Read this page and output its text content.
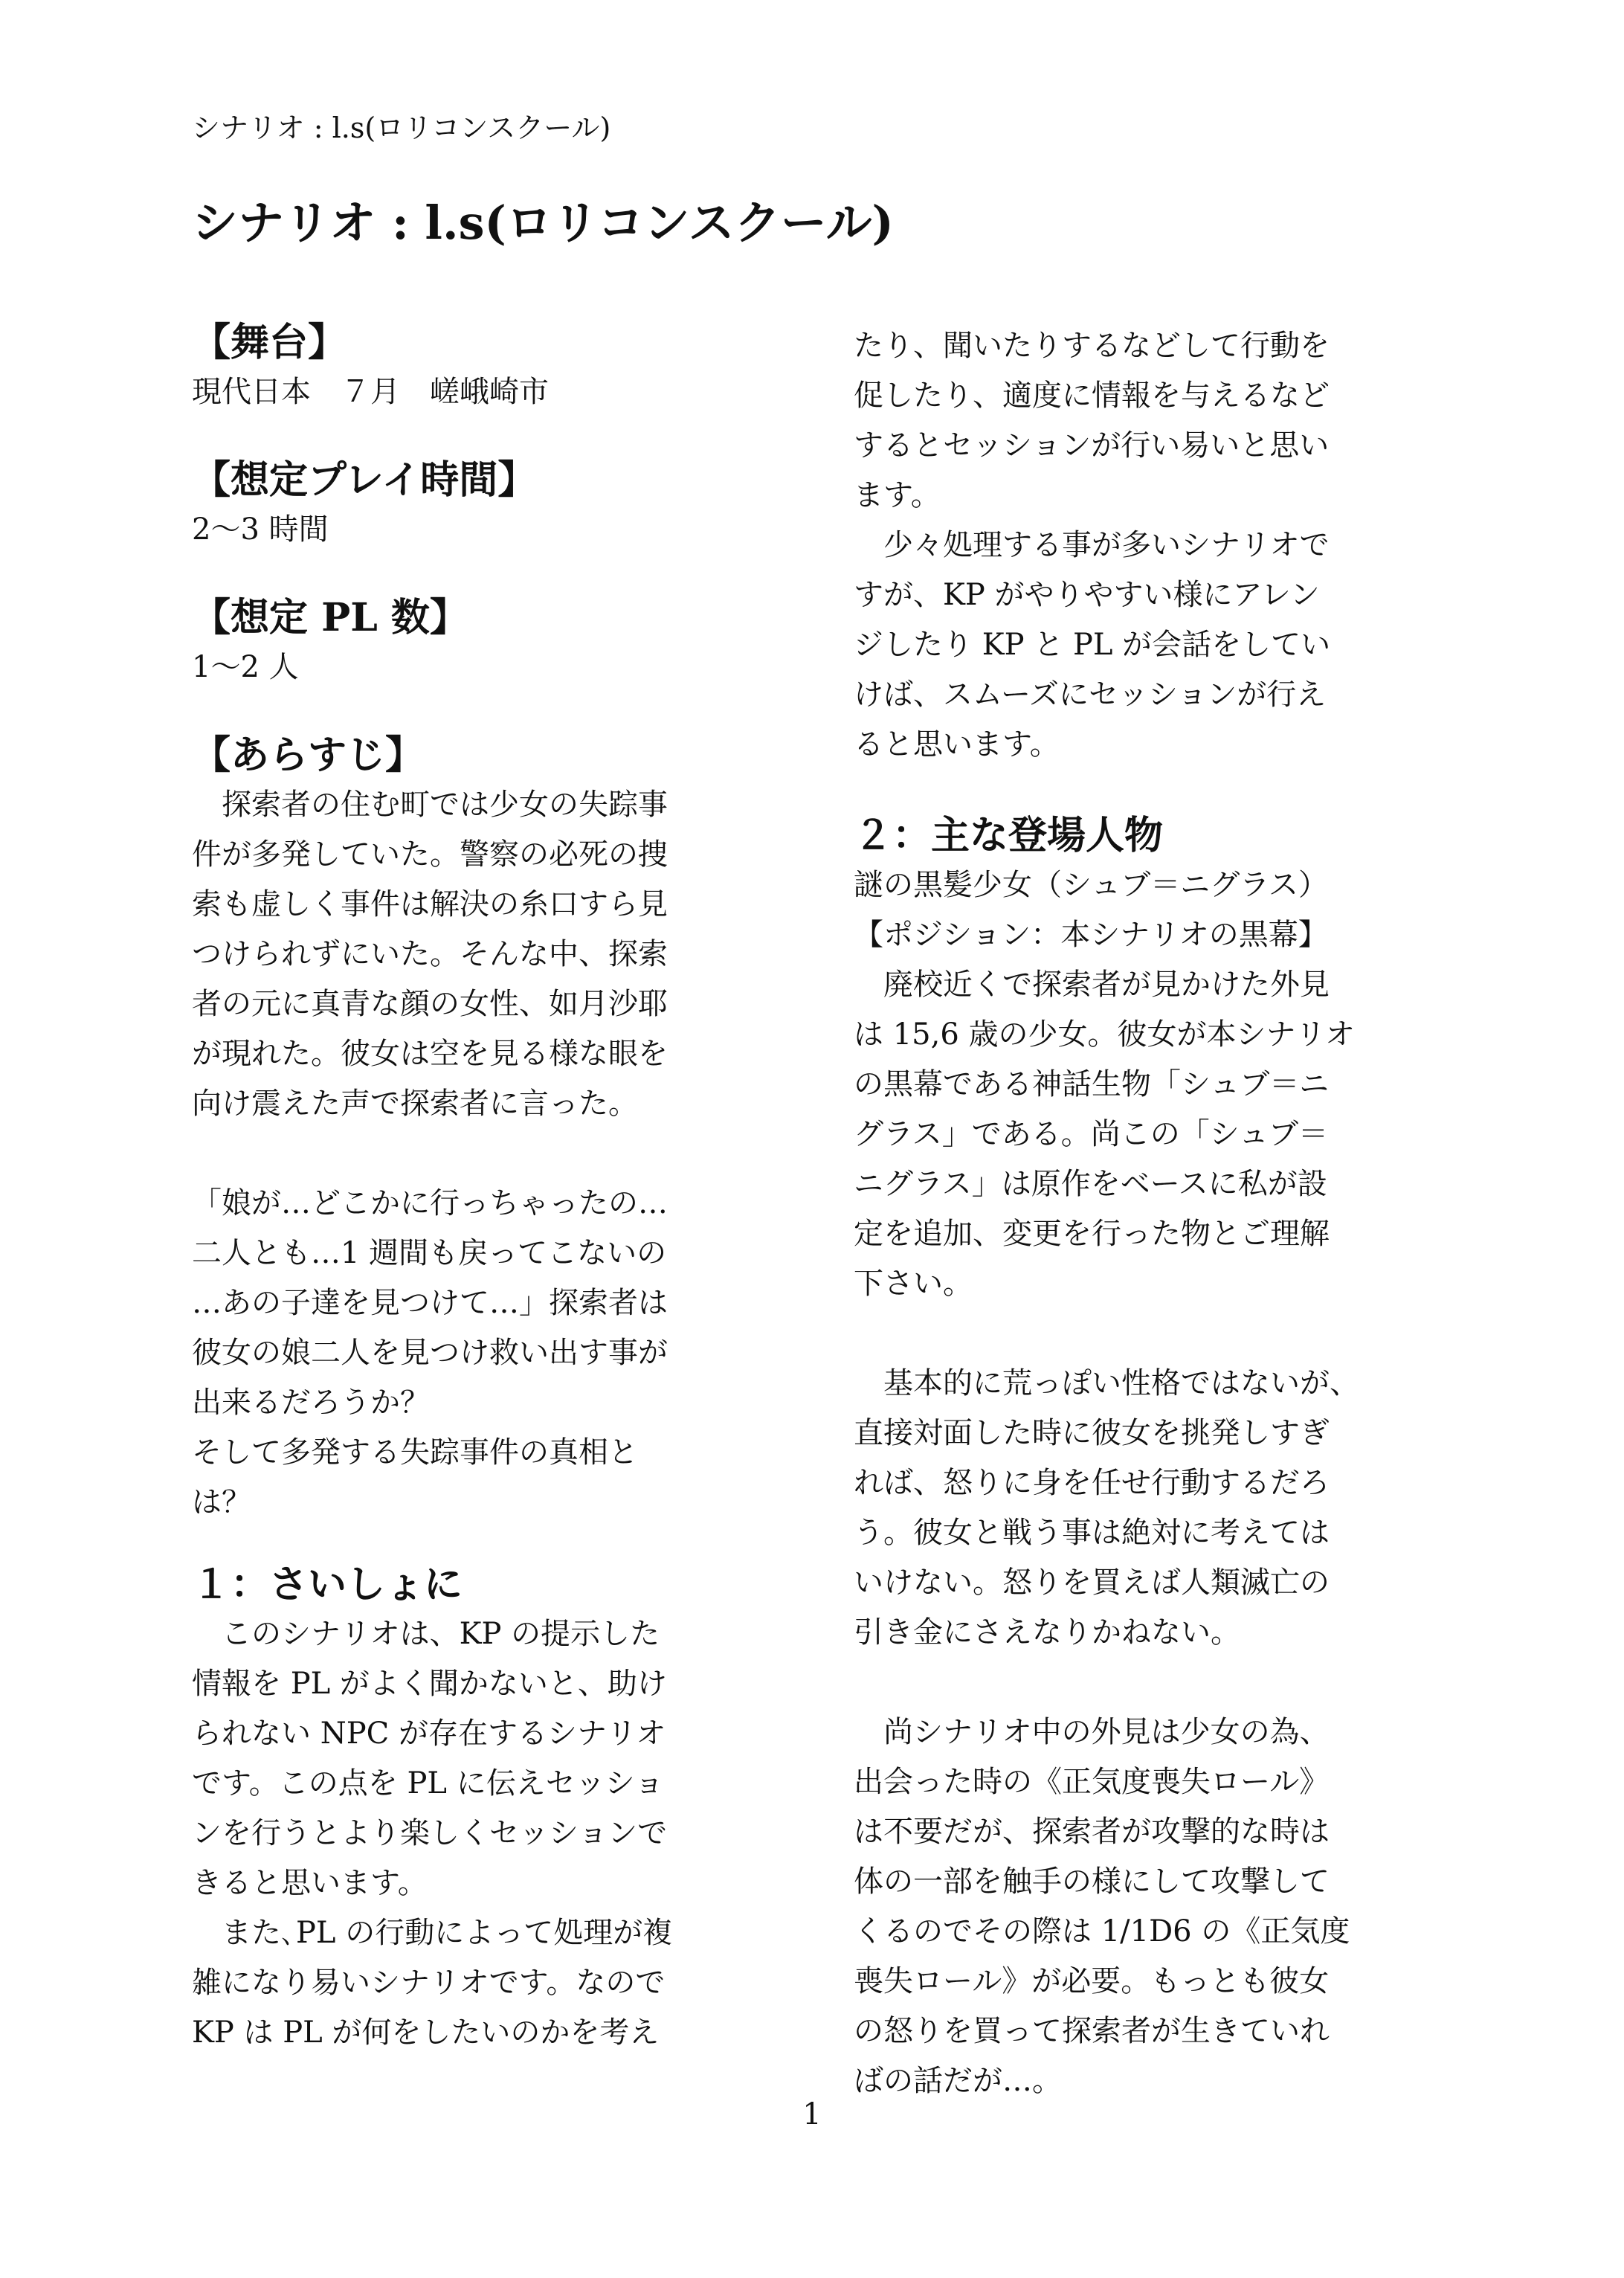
シナリオ : l.s(ロリコンスクール)
シナリオ : l.s(ロリコンスクール)
【舞台】
現代日本　７月　嵯峨崎市
【想定プレイ時間】
2～3 時間
【想定 PL 数】
1～2 人
【あらすじ】
　探索者の住む町では少女の失踪事
件が多発していた。警察の必死の捜
索も虚しく事件は解決の糸口すら見
つけられずにいた。そんな中、探索
者の元に真青な顔の女性、如月沙耶
が現れた。彼女は空を見る様な眼を
向け震えた声で探索者に言った。
「娘が…どこかに行っちゃったの…
二人とも…1 週間も戻ってこないの
…あの子達を見つけて…」探索者は
彼女の娘二人を見つけ救い出す事が
出来るだろうか？
そして多発する失踪事件の真相と
は？
１：さいしょに
　このシナリオは、KP の提示した
情報を PL がよく聞かないと、助け
られない NPC が存在するシナリオ
です。この点を PL に伝えセッショ
ンを行うとより楽しくセッションで
きると思います。
　また､PL の行動によって処理が複
雑になり易いシナリオです。なので
KP は PL が何をしたいのかを考え
たり、聞いたりするなどして行動を
促したり、適度に情報を与えるなど
するとセッションが行い易いと思い
ます。
　少々処理する事が多いシナリオで
すが、KP がやりやすい様にアレン
ジしたり KP と PL が会話をしてい
けば、スムーズにセッションが行え
ると思います。
２：主な登場人物
謎の黒髪少女（シュブ＝ニグラス）
【ポジション：本シナリオの黒幕】
　廃校近くで探索者が見かけた外見
は 15,6 歳の少女。彼女が本シナリオ
の黒幕である神話生物「シュブ＝ニ
グラス」である。尚この「シュブ＝
ニグラス」は原作をベースに私が設
定を追加、変更を行った物とご理解
下さい。
　基本的に荒っぽい性格ではないが、
直接対面した時に彼女を挑発しすぎ
れば、怒りに身を任せ行動するだろ
う。彼女と戦う事は絶対に考えては
いけない。怒りを買えば人類滅亡の
引き金にさえなりかねない。
　尚シナリオ中の外見は少女の為、
出会った時の《正気度喪失ロール》
は不要だが、探索者が攻撃的な時は
体の一部を触手の様にして攻撃して
くるのでその際は 1/1D6 の《正気度
喪失ロール》が必要。もっとも彼女
の怒りを買って探索者が生きていれ
ばの話だが…。
1
